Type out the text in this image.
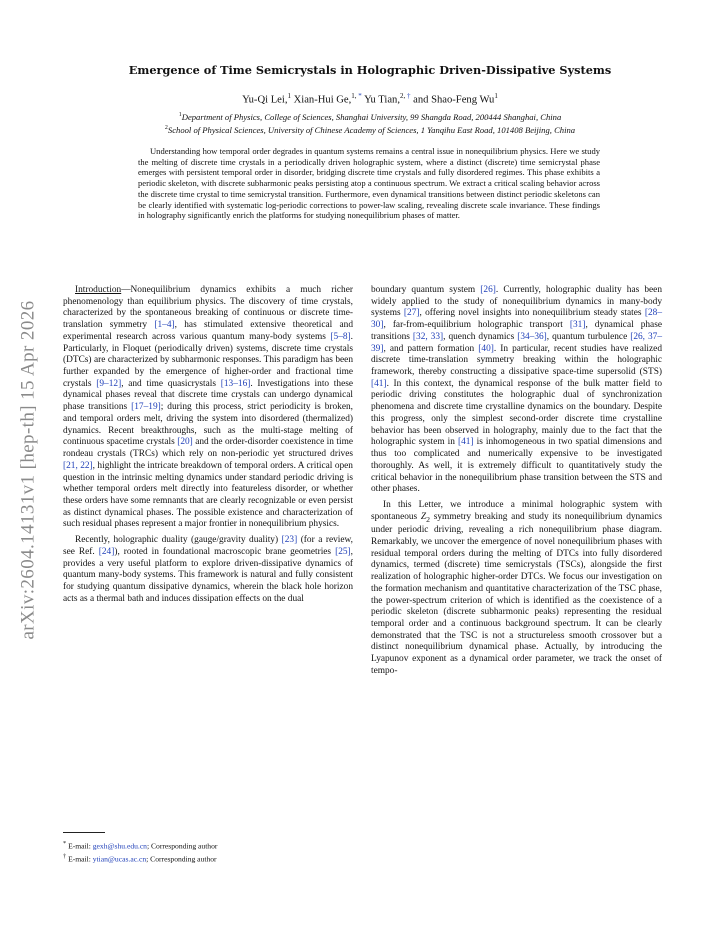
arXiv:2604.14131v1 [hep-th] 15 Apr 2026
Emergence of Time Semicrystals in Holographic Driven-Dissipative Systems
Yu-Qi Lei,$^1$ Xian-Hui Ge,$^{1, *}$ Yu Tian,$^{2, \dagger}$ and Shao-Feng Wu$^1$
$^1$Department of Physics, College of Sciences, Shanghai University, 99 Shangda Road, 200444 Shanghai, China
$^2$School of Physical Sciences, University of Chinese Academy of Sciences, 1 Yanqihu East Road, 101408 Beijing, China
Understanding how temporal order degrades in quantum systems remains a central issue in nonequilibrium physics. Here we study the melting of discrete time crystals in a periodically driven holographic system, where a distinct (discrete) time semicrystal phase emerges with persistent temporal order in disorder, bridging discrete time crystals and fully disordered regimes. This phase exhibits a periodic skeleton, with discrete subharmonic peaks persisting atop a continuous spectrum. We extract a critical scaling behavior across the discrete time crystal to time semicrystal transition. Furthermore, even dynamical transitions between distinct periodic skeletons can be clearly identified with systematic log-periodic corrections to power-law scaling, revealing discrete scale invariance. These findings in holography significantly enrich the platforms for studying nonequilibrium phases of matter.

Introduction—Nonequilibrium dynamics exhibits a much richer phenomenology than equilibrium physics. The discovery of time crystals, characterized by the spontaneous breaking of continuous or discrete time-translation symmetry [1–4], has stimulated extensive theoretical and experimental research across various quantum many-body systems [5–8]. Particularly, in Floquet (periodically driven) systems, discrete time crystals (DTCs) are characterized by subharmonic responses. This paradigm has been further expanded by the emergence of higher-order and fractional time crystals [9–12], and time quasicrystals [13–16]. Investigations into these dynamical phases reveal that discrete time crystals can undergo dynamical phase transitions [17–19]; during this process, strict periodicity is broken, and temporal orders melt, driving the system into disordered (thermalized) dynamics. Recent breakthroughs, such as the multi-stage melting of continuous spacetime crystals [20] and the order-disorder coexistence in time rondeau crystals (TRCs) which rely on non-periodic yet structured drives [21, 22], highlight the intricate breakdown of temporal orders. A critical open question in the intrinsic melting dynamics under standard periodic driving is whether temporal orders melt directly into featureless disorder, or whether these orders have some remnants that are clearly recognizable or even persist as distinct dynamical phases. The possible existence and characterization of such residual phases represent a major frontier in nonequilibrium physics.

Recently, holographic duality (gauge/gravity duality) [23] (for a review, see Ref. [24]), rooted in foundational macroscopic brane geometries [25], provides a very useful platform to explore driven-dissipative dynamics of quantum many-body systems. This framework is natural and fully consistent for studying quantum dissipative dynamics, wherein the black hole horizon acts as a thermal bath and induces dissipation effects on the dual

boundary quantum system [26]. Currently, holographic duality has been widely applied to the study of nonequilibrium dynamics in many-body systems [27], offering novel insights into nonequilibrium steady states [28–30], far-from-equilibrium holographic transport [31], dynamical phase transitions [32, 33], quench dynamics [34–36], quantum turbulence [26, 37–39], and pattern formation [40]. In particular, recent studies have realized discrete time-translation symmetry breaking within the holographic framework, thereby constructing a dissipative space-time supersolid (STS) [41]. In this context, the dynamical response of the bulk matter field to periodic driving constitutes the holographic dual of synchronization phenomena and discrete time crystalline dynamics on the boundary. Despite this progress, only the simplest second-order discrete time crystalline behavior has been observed in holography, mainly due to the fact that the holographic system in [41] is inhomogeneous in two spatial dimensions and thus too complicated and numerically expensive to be investigated thoroughly. As well, it is extremely difficult to quantitatively study the critical behavior in the nonequilibrium phase transition between the STS and other phases.

In this Letter, we introduce a minimal holographic system with spontaneous $Z_2$ symmetry breaking and study its nonequilibrium dynamics under periodic driving, revealing a rich nonequilibrium phase diagram. Remarkably, we uncover the emergence of novel nonequilibrium phases with residual temporal orders during the melting of DTCs into fully disordered dynamics, termed (discrete) time semicrystals (TSCs), alongside the first realization of holographic higher-order DTCs. We focus our investigation on the formation mechanism and quantitative characterization of the TSC phase, the power-spectrum criterion of which is identified as the coexistence of a periodic skeleton (discrete subharmonic peaks) representing the residual temporal order and a continuous background spectrum. It can be clearly demonstrated that the TSC is not a structureless smooth crossover but a distinct nonequilibrium dynamical phase. Actually, by introducing the Lyapunov exponent as a dynamical order parameter, we track the onset of tempo-

* E-mail: gexh@shu.edu.cn; Corresponding author
† E-mail: ytian@ucas.ac.cn; Corresponding author
